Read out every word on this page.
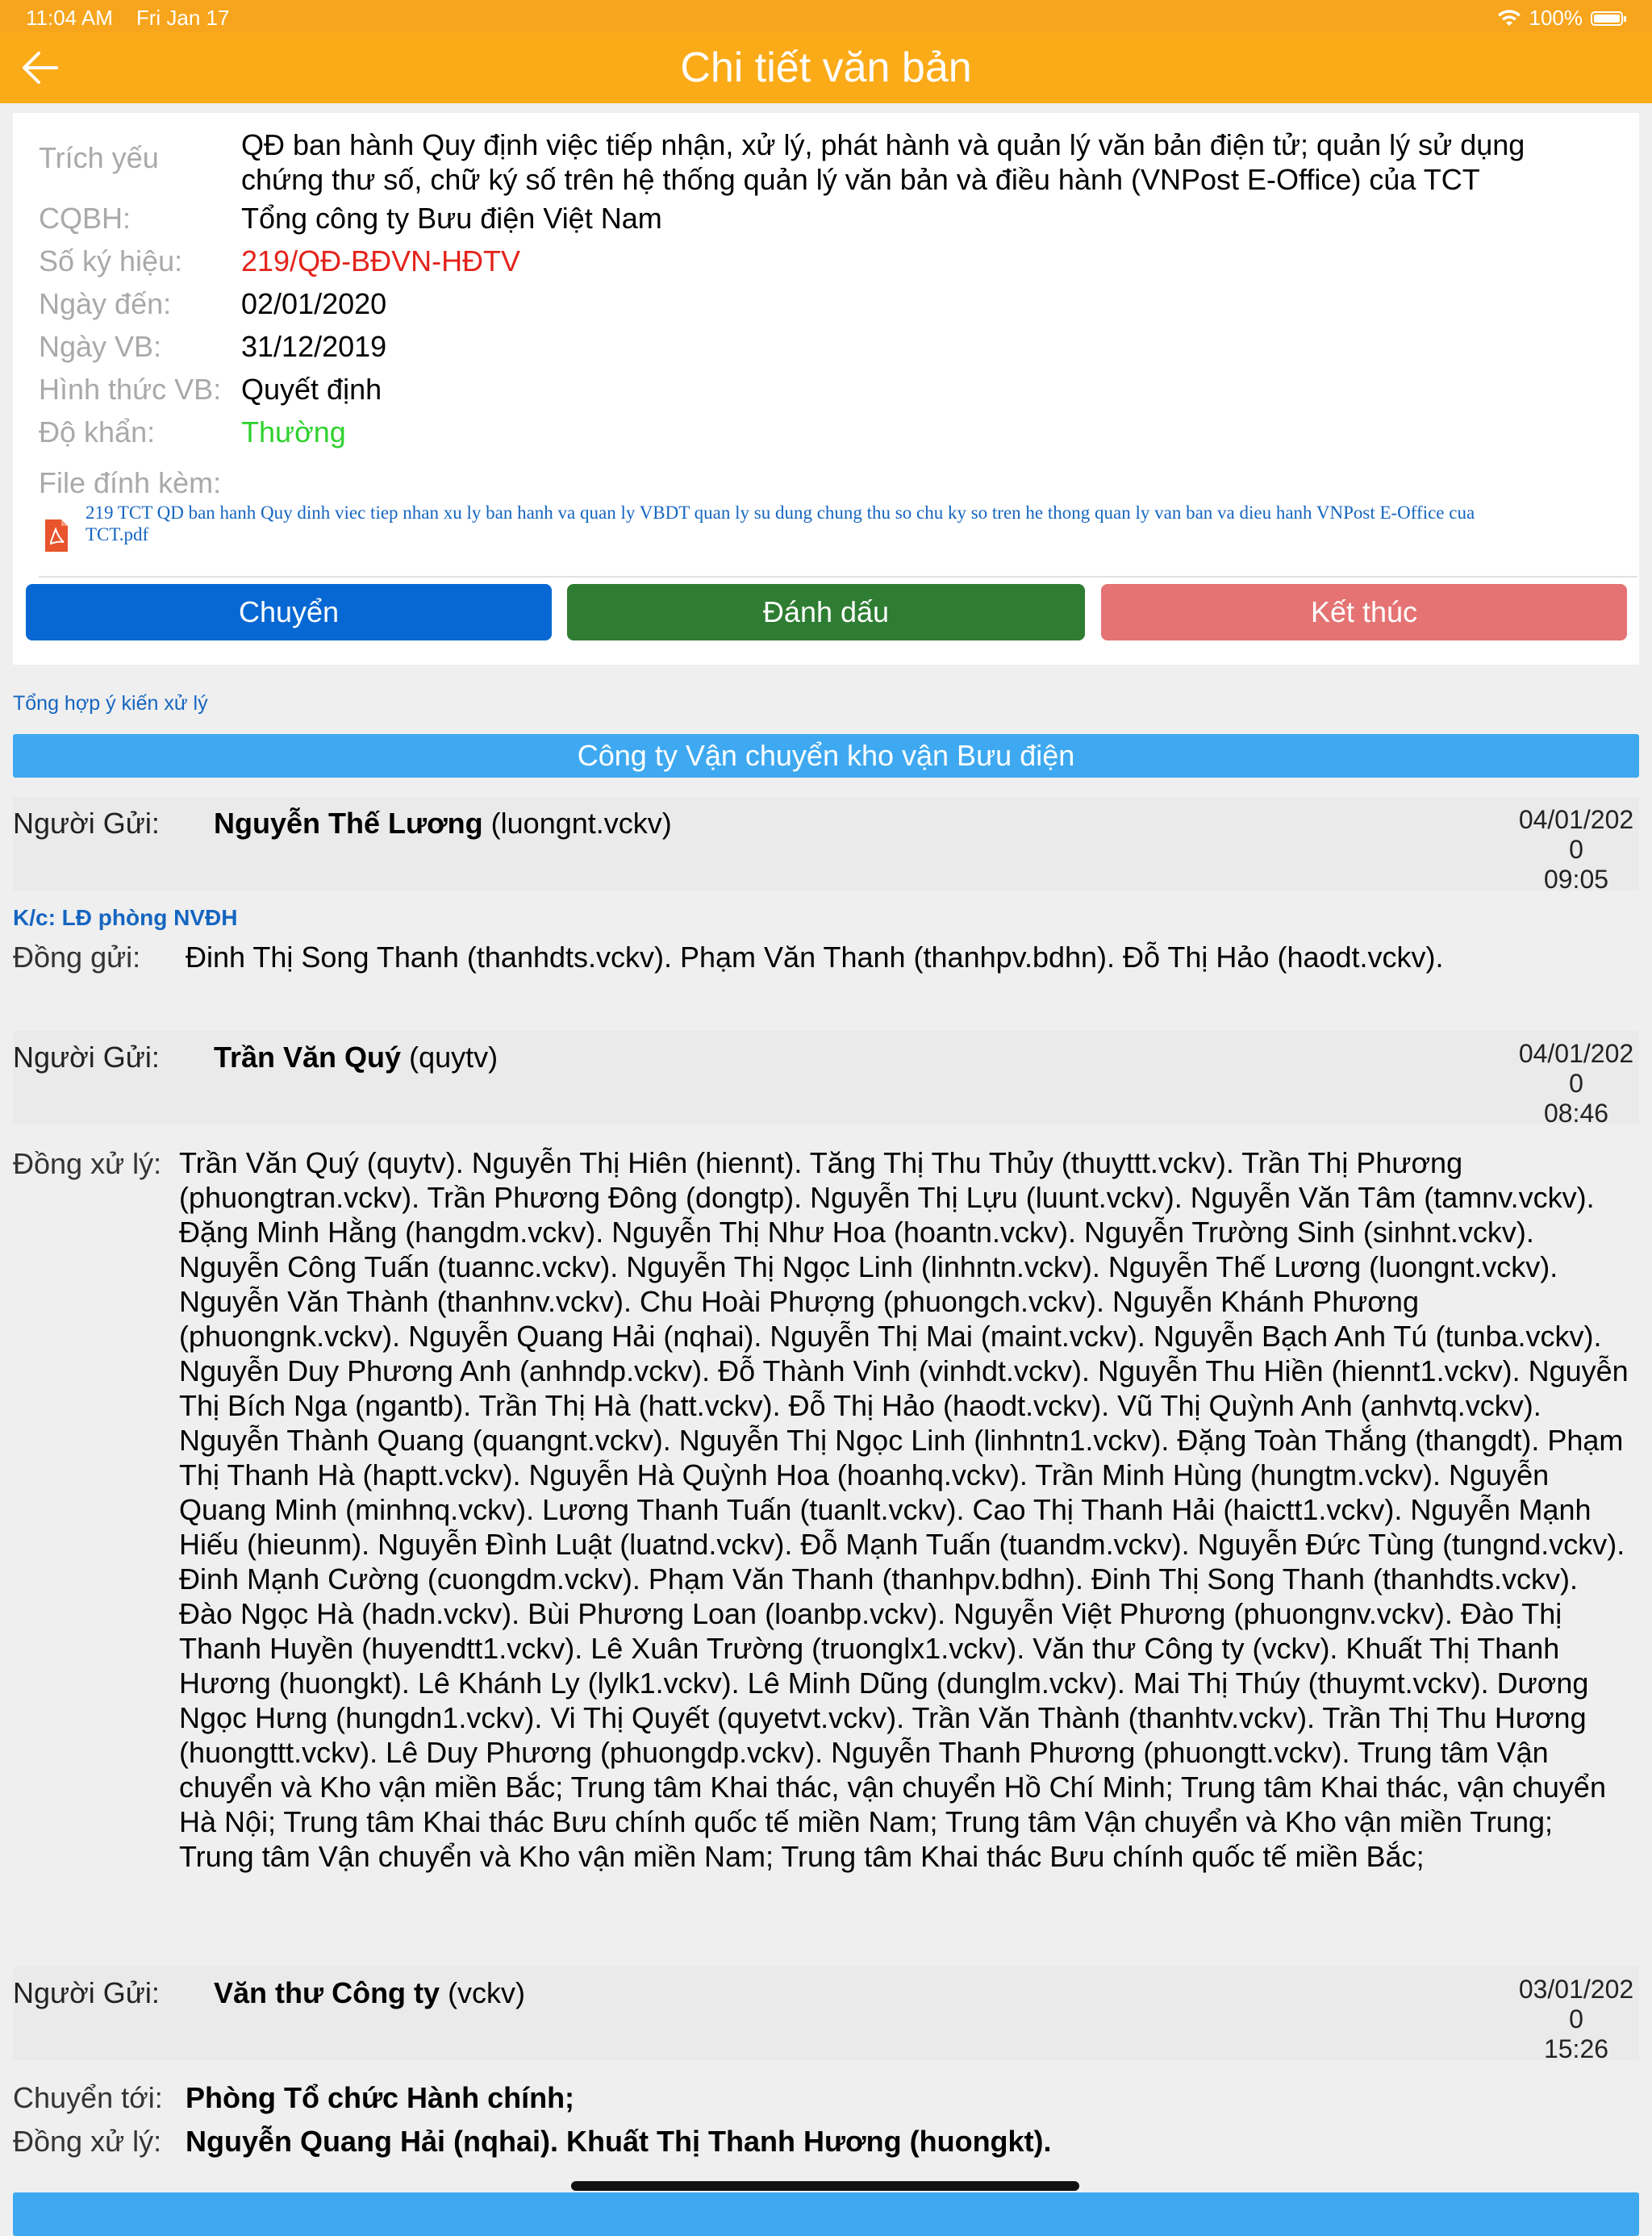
11:04 AM Fri Jan 17	100%
Chi tiết văn bản
Trích yếu	QĐ ban hành Quy định việc tiếp nhận, xử lý, phát hành và quản lý văn bản điện tử; quản lý sử dụng chứng thư số, chữ ký số trên hệ thống quản lý văn bản và điều hành (VNPost E-Office) của TCT
CQBH:	Tổng công ty Bưu điện Việt Nam
Số ký hiệu: 219/QĐ-BĐVN-HĐTV
Ngày đến: 02/01/2020
Ngày VB:	31/12/2019
Hình thức VB: Quyết định
Độ khẩn:	Thường
File đính kèm:
219 TCT QD ban hanh Quy dinh viec tiep nhan xu ly ban hanh va quan ly VBDT quan ly su dung chung thu so chu ky so tren he thong quan ly van ban va dieu hanh VNPost E-Office cua TCT.pdf
Chuyển	Đánh dấu	Kết thúc
Tổng hợp ý kiến xử lý
Công ty Vận chuyển kho vận Bưu điện
Người Gửi: Nguyễn Thế Lương (luongnt.vckv)	04/01/202
0
09:05
K/c: LĐ phòng NVĐH
Đồng gửi: Đinh Thị Song Thanh (thanhdts.vckv). Phạm Văn Thanh (thanhpv.bdhn). Đỗ Thị Hảo (haodt.vckv).
Người Gửi: Trần Văn Quý (quytv)	04/01/202
0
08:46
Đồng xử lý: Trần Văn Quý (quytv). Nguyễn Thị Hiên (hiennt). Tăng Thị Thu Thủy (thuyttt.vckv). Trần Thị Phương (phuongtran.vckv). Trần Phương Đông (dongtp). Nguyễn Thị Lựu (luunt.vckv). Nguyễn Văn Tâm (tamnv.vckv). Đặng Minh Hằng (hangdm.vckv). Nguyễn Thị Như Hoa (hoantn.vckv). Nguyễn Trường Sinh (sinhnt.vckv). Nguyễn Công Tuấn (tuannc.vckv). Nguyễn Thị Ngọc Linh (linhntn.vckv). Nguyễn Thế Lương (luongnt.vckv). Nguyễn Văn Thành (thanhnv.vckv). Chu Hoài Phượng (phuongch.vckv). Nguyễn Khánh Phương (phuongnk.vckv). Nguyễn Quang Hải (nqhai). Nguyễn Thị Mai (maint.vckv). Nguyễn Bạch Anh Tú (tunba.vckv). Nguyễn Duy Phương Anh (anhndp.vckv). Đỗ Thành Vinh (vinhdt.vckv). Nguyễn Thu Hiền (hiennt1.vckv). Nguyễn Thị Bích Nga (ngantb). Trần Thị Hà (hatt.vckv). Đỗ Thị Hảo (haodt.vckv). Vũ Thị Quỳnh Anh (anhvtq.vckv). Nguyễn Thành Quang (quangnt.vckv). Nguyễn Thị Ngọc Linh (linhntn1.vckv). Đặng Toàn Thắng (thangdt). Phạm Thị Thanh Hà (haptt.vckv). Nguyễn Hà Quỳnh Hoa (hoanhq.vckv). Trần Minh Hùng (hungtm.vckv). Nguyễn Quang Minh (minhnq.vckv). Lương Thanh Tuấn (tuanlt.vckv). Cao Thị Thanh Hải (haictt1.vckv). Nguyễn Mạnh Hiếu (hieunm). Nguyễn Đình Luật (luatnd.vckv). Đỗ Mạnh Tuấn (tuandm.vckv). Nguyễn Đức Tùng (tungnd.vckv). Đinh Mạnh Cường (cuongdm.vckv). Phạm Văn Thanh (thanhpv.bdhn). Đinh Thị Song Thanh (thanhdts.vckv). Đào Ngọc Hà (hadn.vckv). Bùi Phương Loan (loanbp.vckv). Nguyễn Việt Phương (phuongnv.vckv). Đào Thị Thanh Huyền (huyendtt1.vckv). Lê Xuân Trường (truonglx1.vckv). Văn thư Công ty (vckv). Khuất Thị Thanh Hương (huongkt). Lê Khánh Ly (lylk1.vckv). Lê Minh Dũng (dunglm.vckv). Mai Thị Thúy (thuymt.vckv). Dương Ngọc Hưng (hungdn1.vckv). Vi Thị Quyết (quyetvt.vckv). Trần Văn Thành (thanhtv.vckv). Trần Thị Thu Hương (huongttt.vckv). Lê Duy Phương (phuongdp.vckv). Nguyễn Thanh Phương (phuongtt.vckv). Trung tâm Vận chuyển và Kho vận miền Bắc; Trung tâm Khai thác, vận chuyển Hồ Chí Minh; Trung tâm Khai thác, vận chuyển Hà Nội; Trung tâm Khai thác Bưu chính quốc tế miền Nam; Trung tâm Vận chuyển và Kho vận miền Trung; Trung tâm Vận chuyển và Kho vận miền Nam; Trung tâm Khai thác Bưu chính quốc tế miền Bắc;
Người Gửi: Văn thư Công ty (vckv)	03/01/202
0
15:26
Chuyển tới: Phòng Tổ chức Hành chính;
Đồng xử lý: Nguyễn Quang Hải (nqhai). Khuất Thị Thanh Hương (huongkt).
